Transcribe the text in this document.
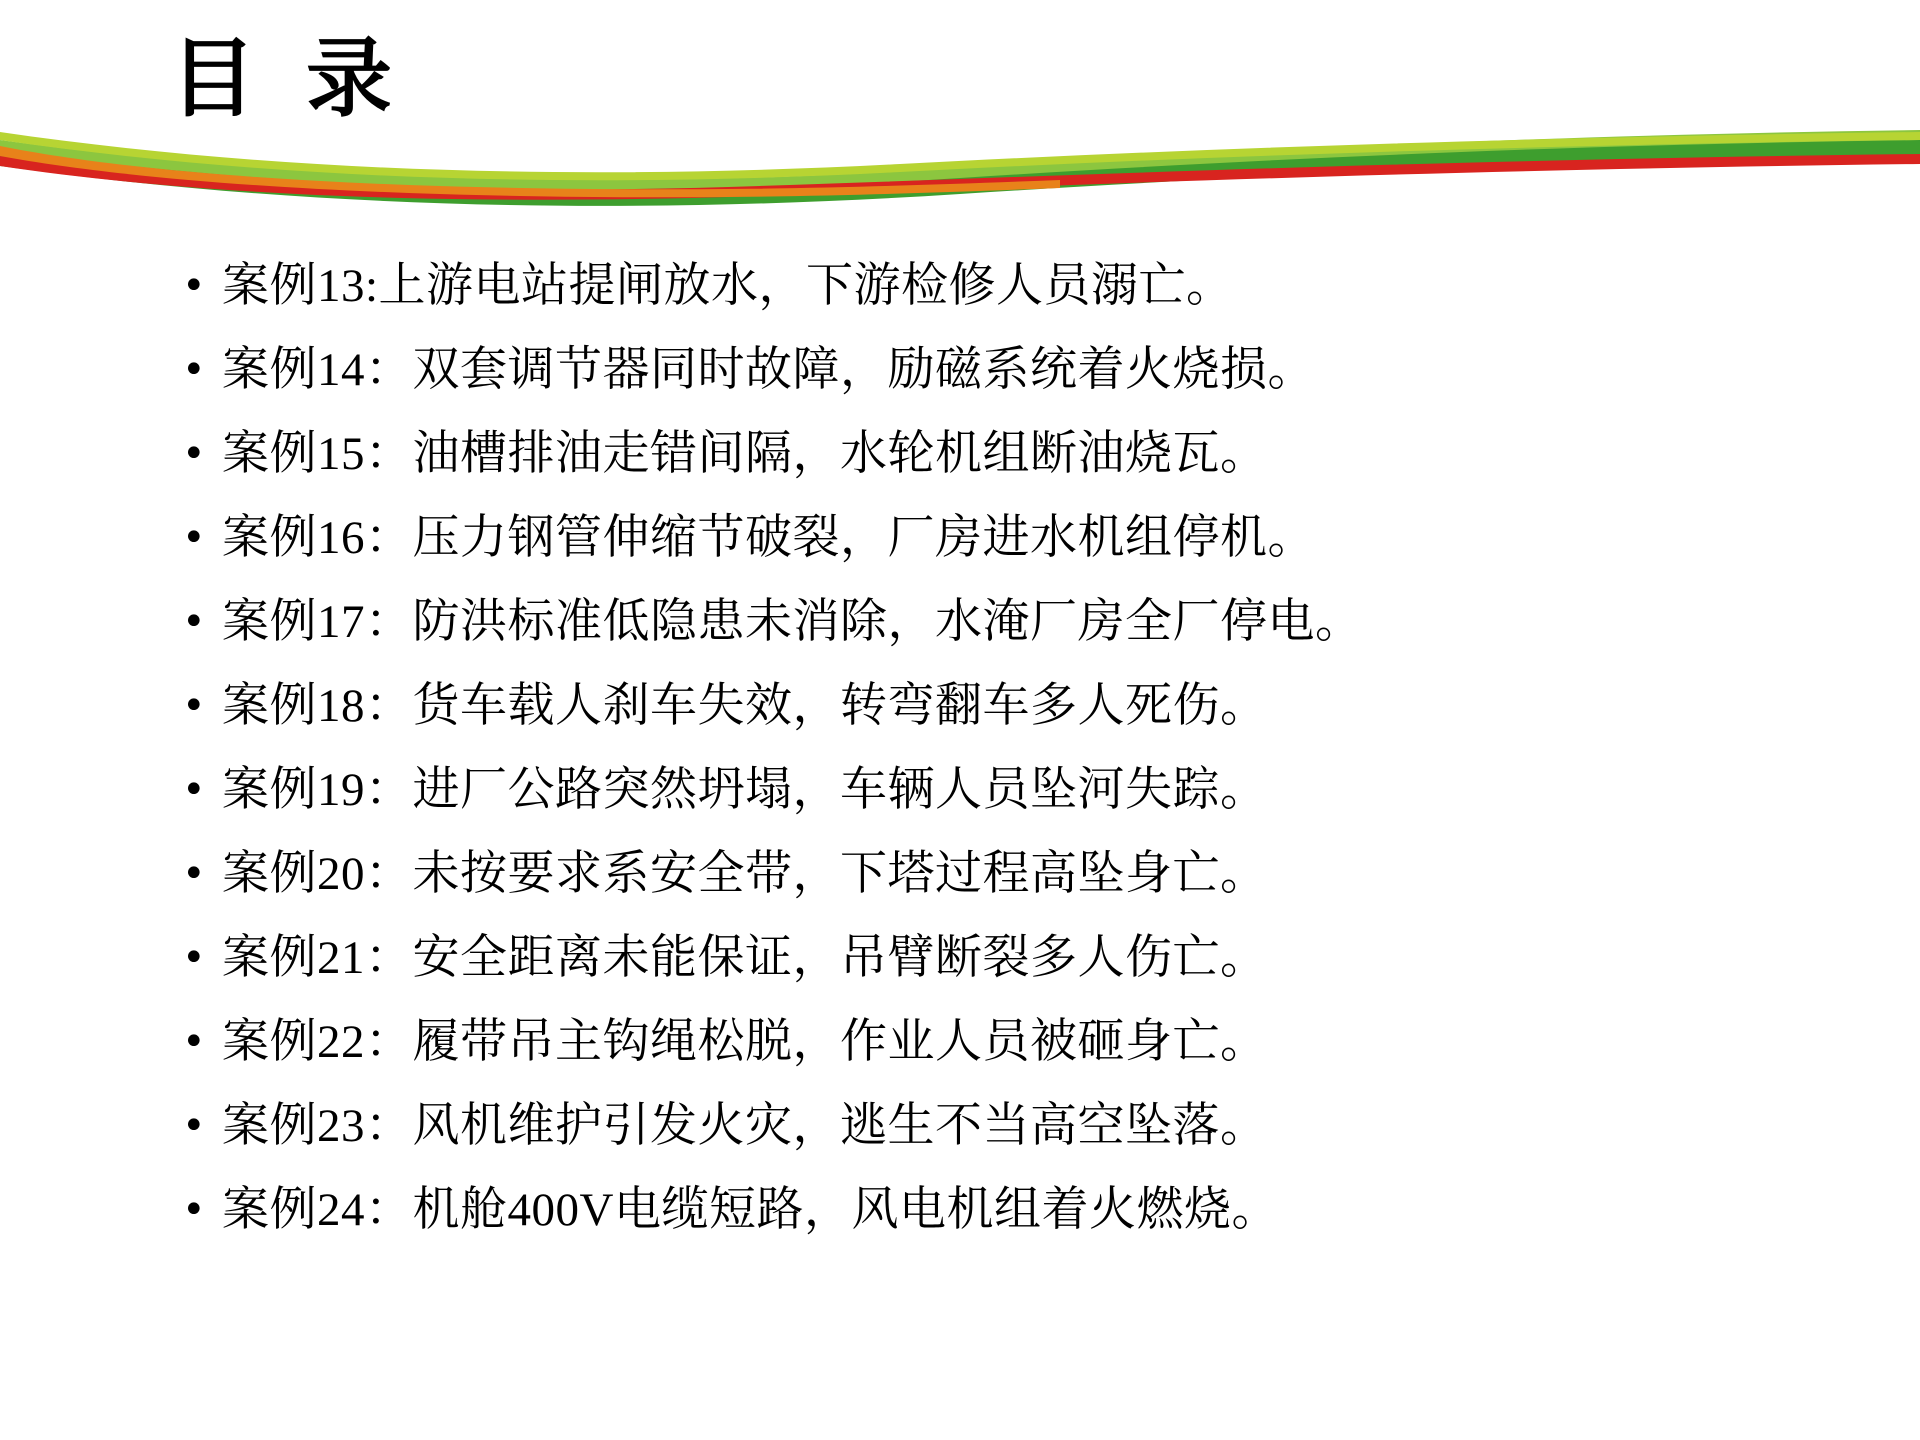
目 录
• 案例13:上游电站提闸放水，下游检修人员溺亡。
• 案例14：双套调节器同时故障，励磁系统着火烧损。
• 案例15：油槽排油走错间隔，水轮机组断油烧瓦。
• 案例16：压力钢管伸缩节破裂，厂房进水机组停机。
• 案例17：防洪标准低隐患未消除，水淹厂房全厂停电。
• 案例18：货车载人刹车失效，转弯翻车多人死伤。
• 案例19：进厂公路突然坍塌，车辆人员坠河失踪。
• 案例20：未按要求系安全带，下塔过程高坠身亡。
• 案例21：安全距离未能保证，吊臂断裂多人伤亡。
• 案例22：履带吊主钩绳松脱，作业人员被砸身亡。
• 案例23：风机维护引发火灾，逃生不当高空坠落。
• 案例24：机舱400V电缆短路，风电机组着火燃烧。
